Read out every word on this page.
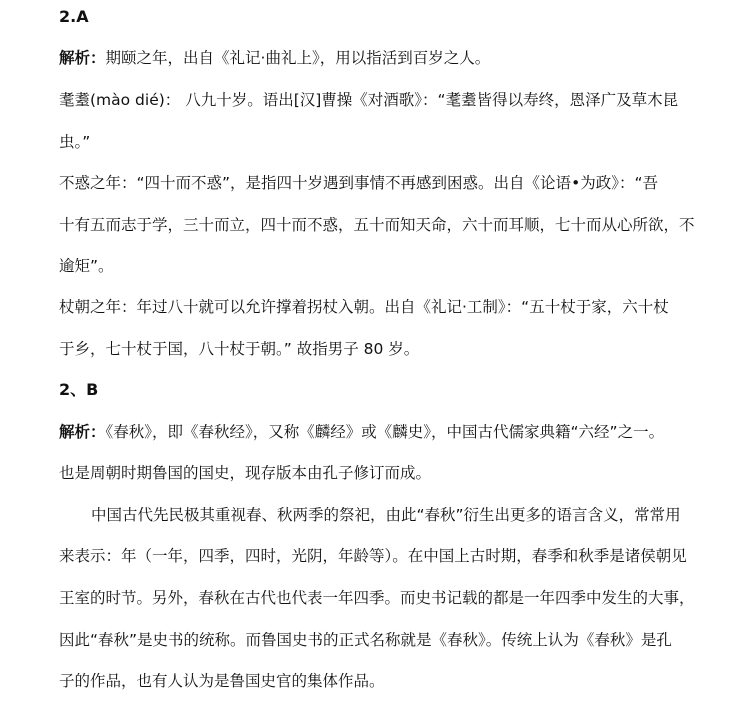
2.A
解析：期颐之年，出自《礼记·曲礼上》，用以指活到百岁之人。
耄耋(mào dié)： 八九十岁。语出[汉]曹操《对酒歌》：“耄耋皆得以寿终，恩泽广及草木昆
虫。”
不惑之年：“四十而不惑”，是指四十岁遇到事情不再感到困惑。出自《论语•为政》：“吾
十有五而志于学，三十而立，四十而不惑，五十而知天命，六十而耳顺，七十而从心所欲，不
逾矩”。
杖朝之年：年过八十就可以允许撑着拐杖入朝。出自《礼记·工制》：“五十杖于家，六十杖
于乡，七十杖于国，八十杖于朝。” 故指男子 80 岁。
2、B
解析：《春秋》，即《春秋经》，又称《麟经》或《麟史》，中国古代儒家典籍“六经”之一。
也是周朝时期鲁国的国史，现存版本由孔子修订而成。
中国古代先民极其重视春、秋两季的祭祀，由此“春秋”衍生出更多的语言含义，常常用
来表示：年（一年，四季，四时，光阴，年龄等）。在中国上古时期，春季和秋季是诸侯朝见
王室的时节。另外，春秋在古代也代表一年四季。而史书记载的都是一年四季中发生的大事，
因此“春秋”是史书的统称。而鲁国史书的正式名称就是《春秋》。传统上认为《春秋》是孔
子的作品，也有人认为是鲁国史官的集体作品。
